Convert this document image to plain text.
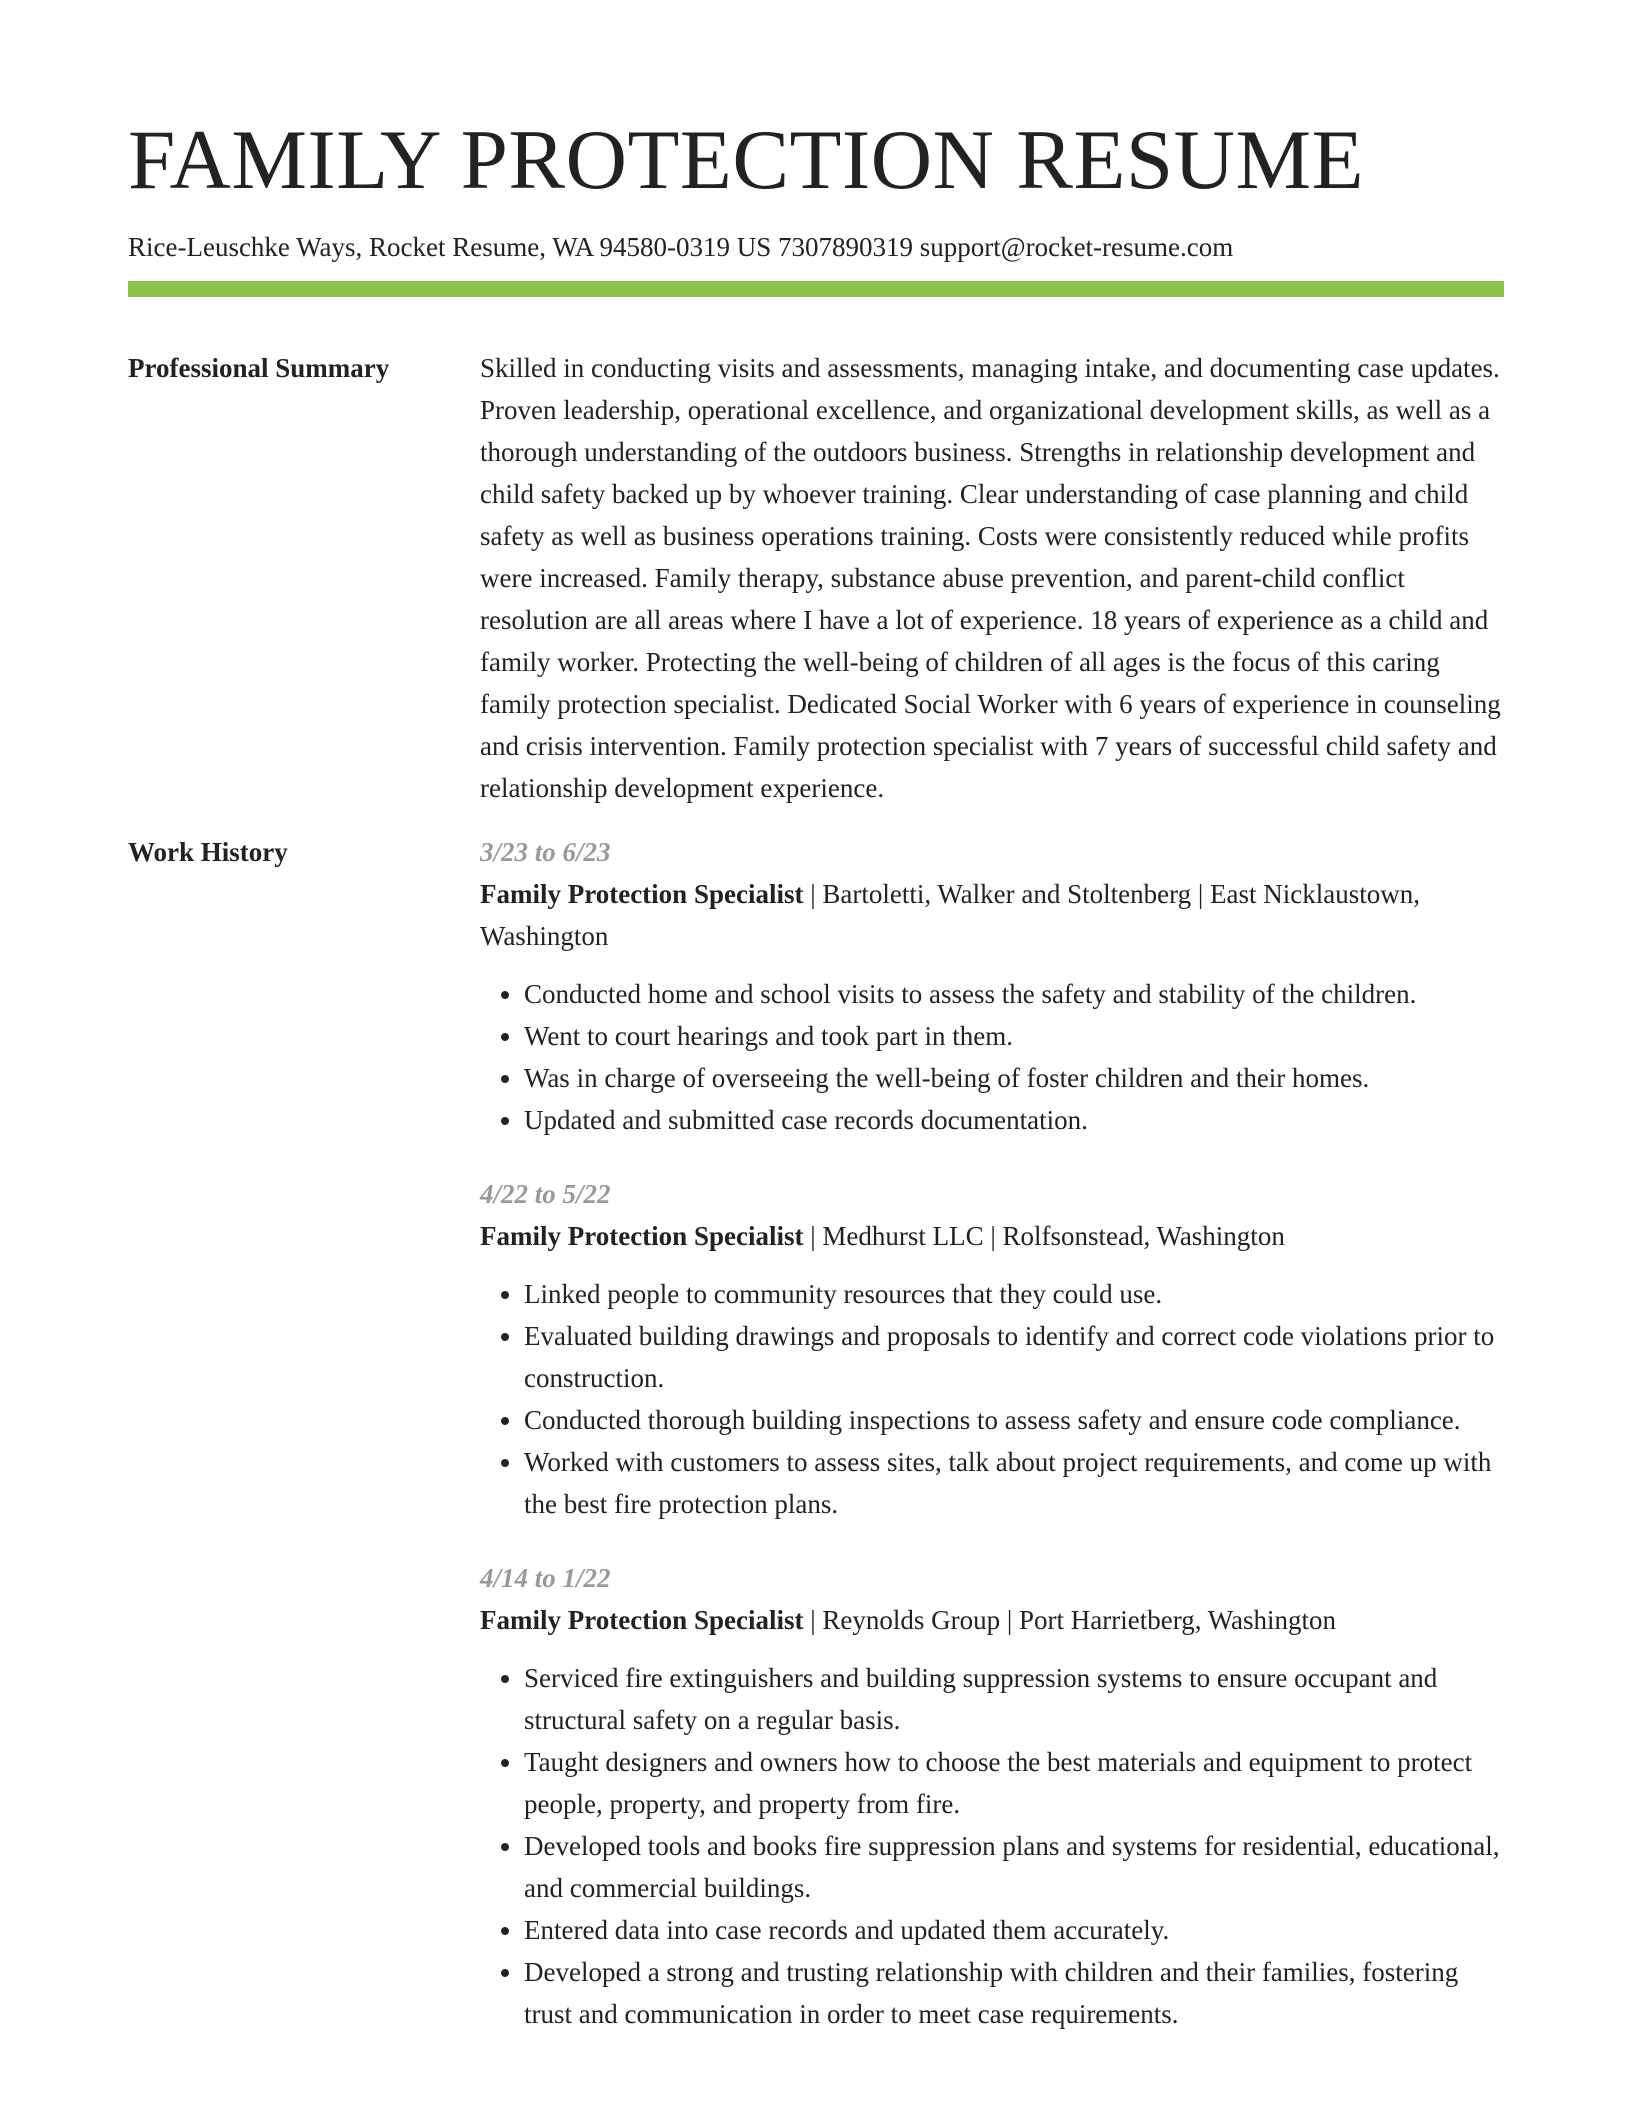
FAMILY PROTECTION RESUME
Rice-Leuschke Ways, Rocket Resume, WA 94580-0319 US 7307890319 support@rocket-resume.com
Professional Summary	Skilled in conducting visits and assessments, managing intake, and documenting case updates. Proven leadership, operational excellence, and organizational development skills, as well as a thorough understanding of the outdoors business. Strengths in relationship development and child safety backed up by whoever training. Clear understanding of case planning and child safety as well as business operations training. Costs were consistently reduced while profits were increased. Family therapy, substance abuse prevention, and parent-child conflict resolution are all areas where I have a lot of experience. 18 years of experience as a child and family worker. Protecting the well-being of children of all ages is the focus of this caring family protection specialist. Dedicated Social Worker with 6 years of experience in counseling and crisis intervention. Family protection specialist with 7 years of successful child safety and relationship development experience.
Work History	3/23 to 6/23
Family Protection Specialist | Bartoletti, Walker and Stoltenberg | East Nicklaustown, Washington
• Conducted home and school visits to assess the safety and stability of the children.
• Went to court hearings and took part in them.
• Was in charge of overseeing the well-being of foster children and their homes.
• Updated and submitted case records documentation.
4/22 to 5/22
Family Protection Specialist | Medhurst LLC | Rolfsonstead, Washington
• Linked people to community resources that they could use.
• Evaluated building drawings and proposals to identify and correct code violations prior to construction.
• Conducted thorough building inspections to assess safety and ensure code compliance.
• Worked with customers to assess sites, talk about project requirements, and come up with the best fire protection plans.
4/14 to 1/22
Family Protection Specialist | Reynolds Group | Port Harrietberg, Washington
• Serviced fire extinguishers and building suppression systems to ensure occupant and structural safety on a regular basis.
• Taught designers and owners how to choose the best materials and equipment to protect people, property, and property from fire.
• Developed tools and books fire suppression plans and systems for residential, educational, and commercial buildings.
• Entered data into case records and updated them accurately.
• Developed a strong and trusting relationship with children and their families, fostering trust and communication in order to meet case requirements.
